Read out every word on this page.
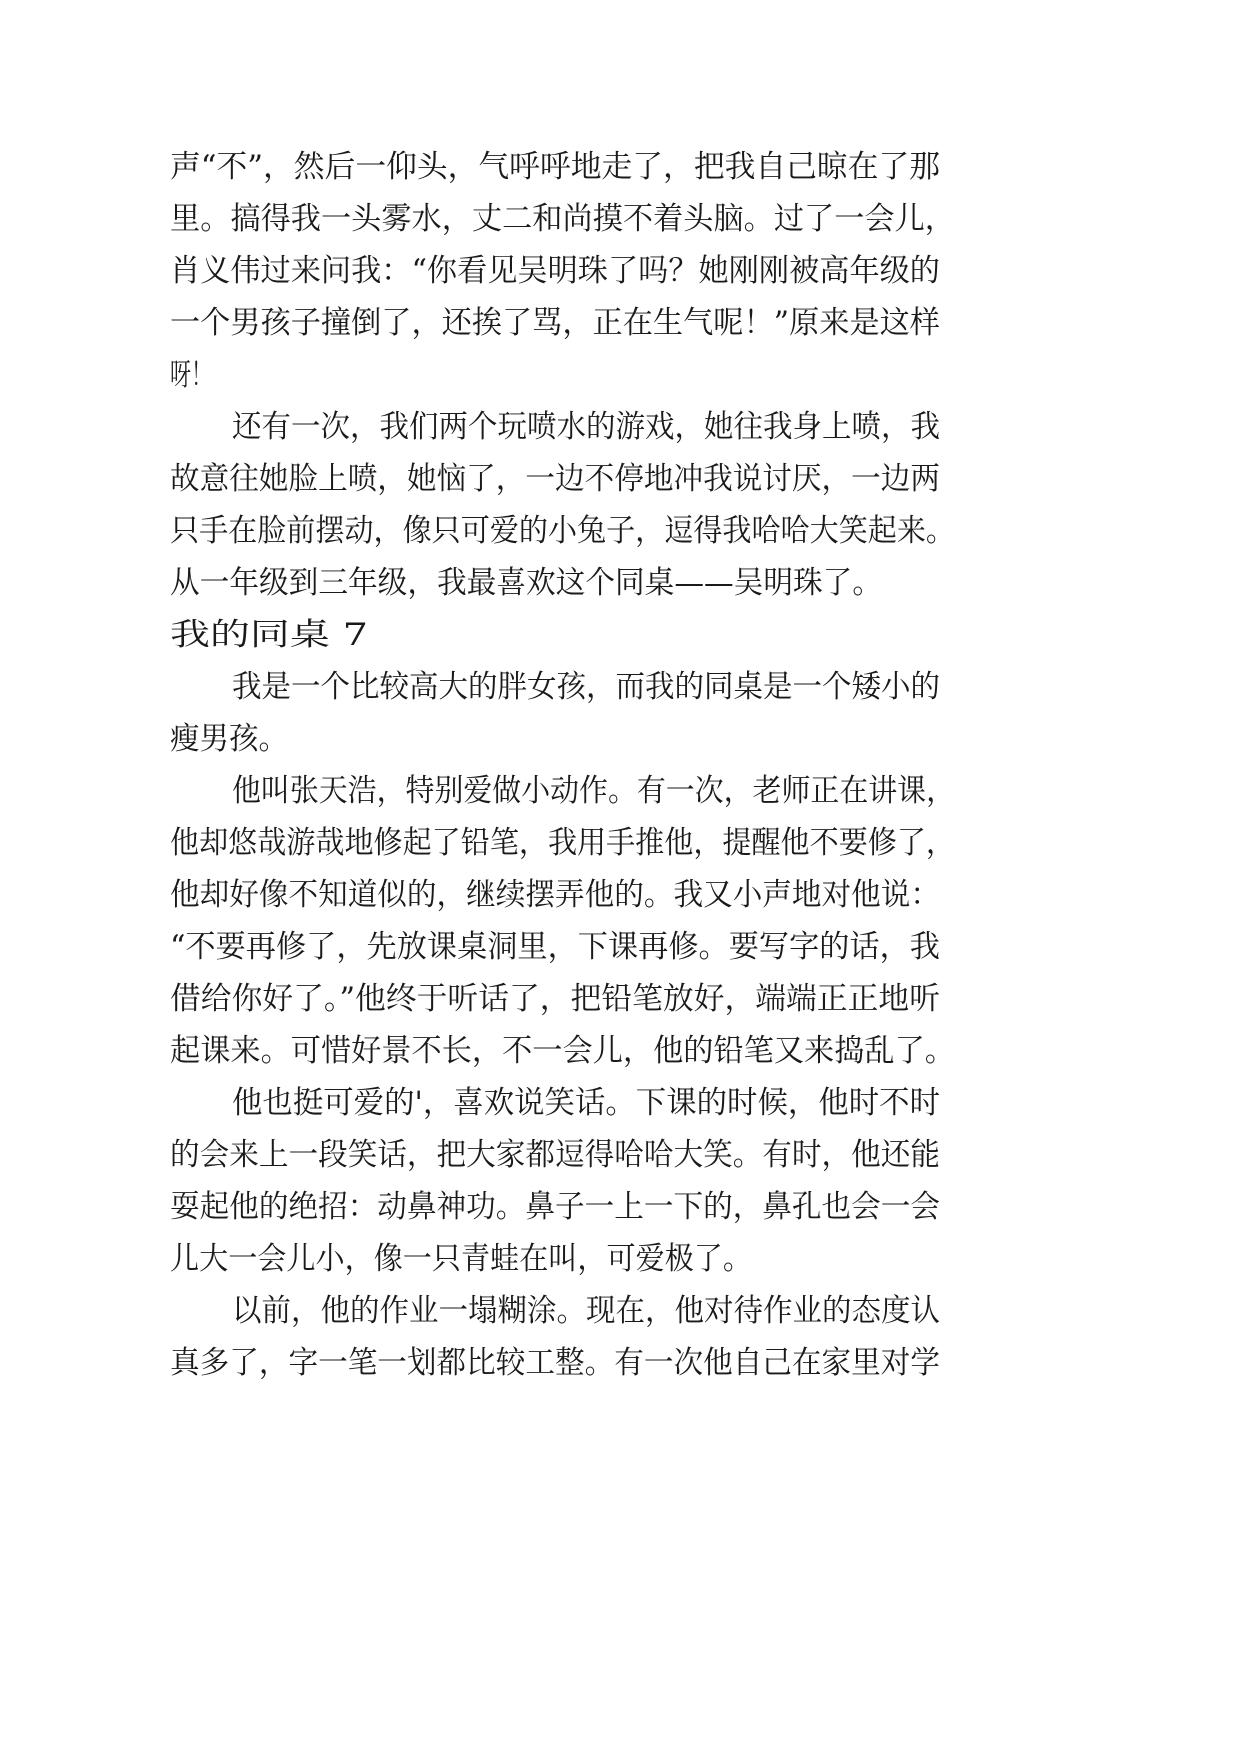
声“不”，然后一仰头，气呼呼地走了，把我自己晾在了那
里。搞得我一头雾水，丈二和尚摸不着头脑。过了一会儿，
肖义伟过来问我：“你看见吴明珠了吗？她刚刚被高年级的
一个男孩子撞倒了，还挨了骂，正在生气呢！”原来是这样
呀！
还有一次，我们两个玩喷水的游戏，她往我身上喷，我
故意往她脸上喷，她恼了，一边不停地冲我说讨厌，一边两
只手在脸前摆动，像只可爱的小兔子，逗得我哈哈大笑起来。
从一年级到三年级，我最喜欢这个同桌——吴明珠了。
我的同桌 7
我是一个比较高大的胖女孩，而我的同桌是一个矮小的
瘦男孩。
他叫张天浩，特别爱做小动作。有一次，老师正在讲课，
他却悠哉游哉地修起了铅笔，我用手推他，提醒他不要修了，
他却好像不知道似的，继续摆弄他的。我又小声地对他说：
“不要再修了，先放课桌洞里，下课再修。要写字的话，我
借给你好了。”他终于听话了，把铅笔放好，端端正正地听
起课来。可惜好景不长，不一会儿，他的铅笔又来捣乱了。
他也挺可爱的'，喜欢说笑话。下课的时候，他时不时
的会来上一段笑话，把大家都逗得哈哈大笑。有时，他还能
耍起他的绝招：动鼻神功。鼻子一上一下的，鼻孔也会一会
儿大一会儿小，像一只青蛙在叫，可爱极了。
以前，他的作业一塌糊涂。现在，他对待作业的态度认
真多了，字一笔一划都比较工整。有一次他自己在家里对学
